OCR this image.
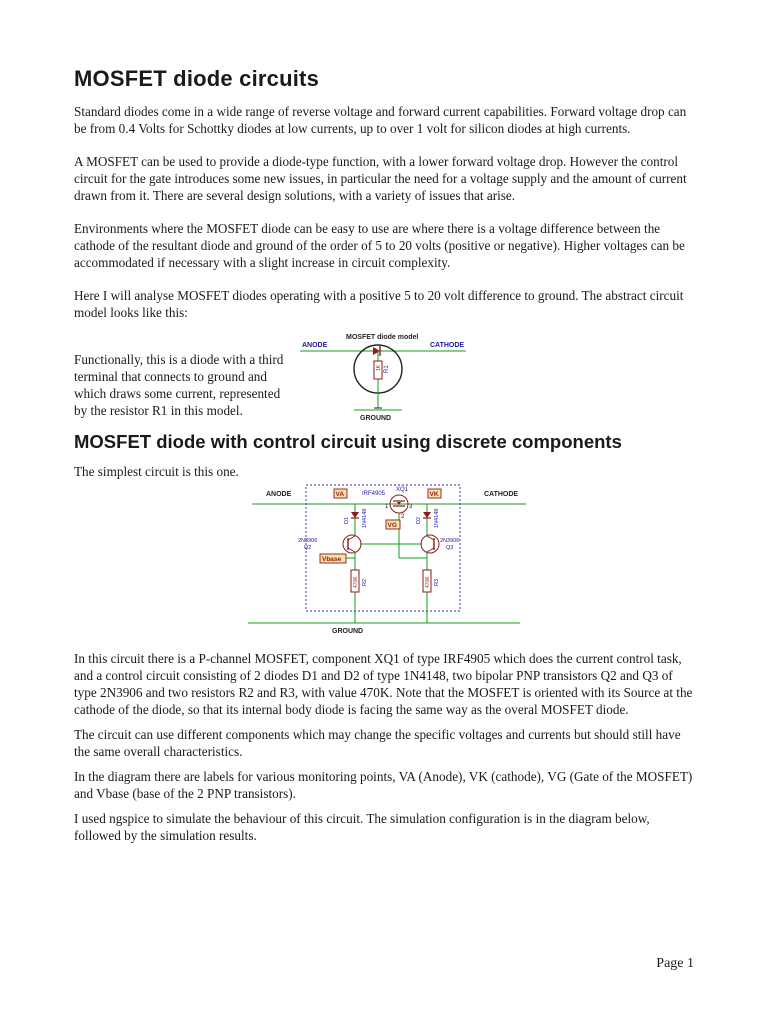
MOSFET diode circuits

Standard diodes come in a wide range of reverse voltage and forward current capabilities. Forward voltage drop can be from 0.4 Volts for Schottky diodes at low currents, up to over 1 volt for silicon diodes at high currents.

A MOSFET can be used to provide a diode-type function, with a lower forward voltage drop. However the control circuit for the gate introduces some new issues, in particular the need for a voltage supply and the amount of current drawn from it. There are several design solutions, with a variety of issues that arise.

Environments where the MOSFET diode can be easy to use are where there is a voltage difference between the cathode of the resultant diode and ground of the order of 5 to 20 volts (positive or negative). Higher voltages can be accommodated if necessary with a slight increase in circuit complexity.

Here I will analyse MOSFET diodes operating with a positive 5 to 20 volt difference to ground. The abstract circuit model looks like this:

Functionally, this is a diode with a third terminal that connects to ground and which draws some current, represented by the resistor R1 in this model.
MOSFET diode model
ANODE	CATHODE
1K R1
GROUND
MOSFET diode with control circuit using discrete components

The simplest circuit is this one.

ANODE	CATHODE
VA	VK
IRF4905
XQ1
1	3
2
VG
D1 1N4148	D2 1N4148
2N3906
Q2
2N3906
Q3
Vbase
470K R2	470K R3
GROUND

In this circuit there is a P-channel MOSFET, component XQ1 of type IRF4905 which does the current control task, and a control circuit consisting of 2 diodes D1 and D2 of type 1N4148, two bipolar PNP transistors Q2 and Q3 of type 2N3906 and two resistors R2 and R3, with value 470K. Note that the MOSFET is oriented with its Source at the cathode of the diode, so that its internal body diode is facing the same way as the overal MOSFET diode.

The circuit can use different components which may change the specific voltages and currents but should still have the same overall characteristics.

In the diagram there are labels for various monitoring points, VA (Anode), VK (cathode), VG (Gate of the MOSFET) and Vbase (base of the 2 PNP transistors).

I used ngspice to simulate the behaviour of this circuit. The simulation configuration is in the diagram below, followed by the simulation results.

Page 1
